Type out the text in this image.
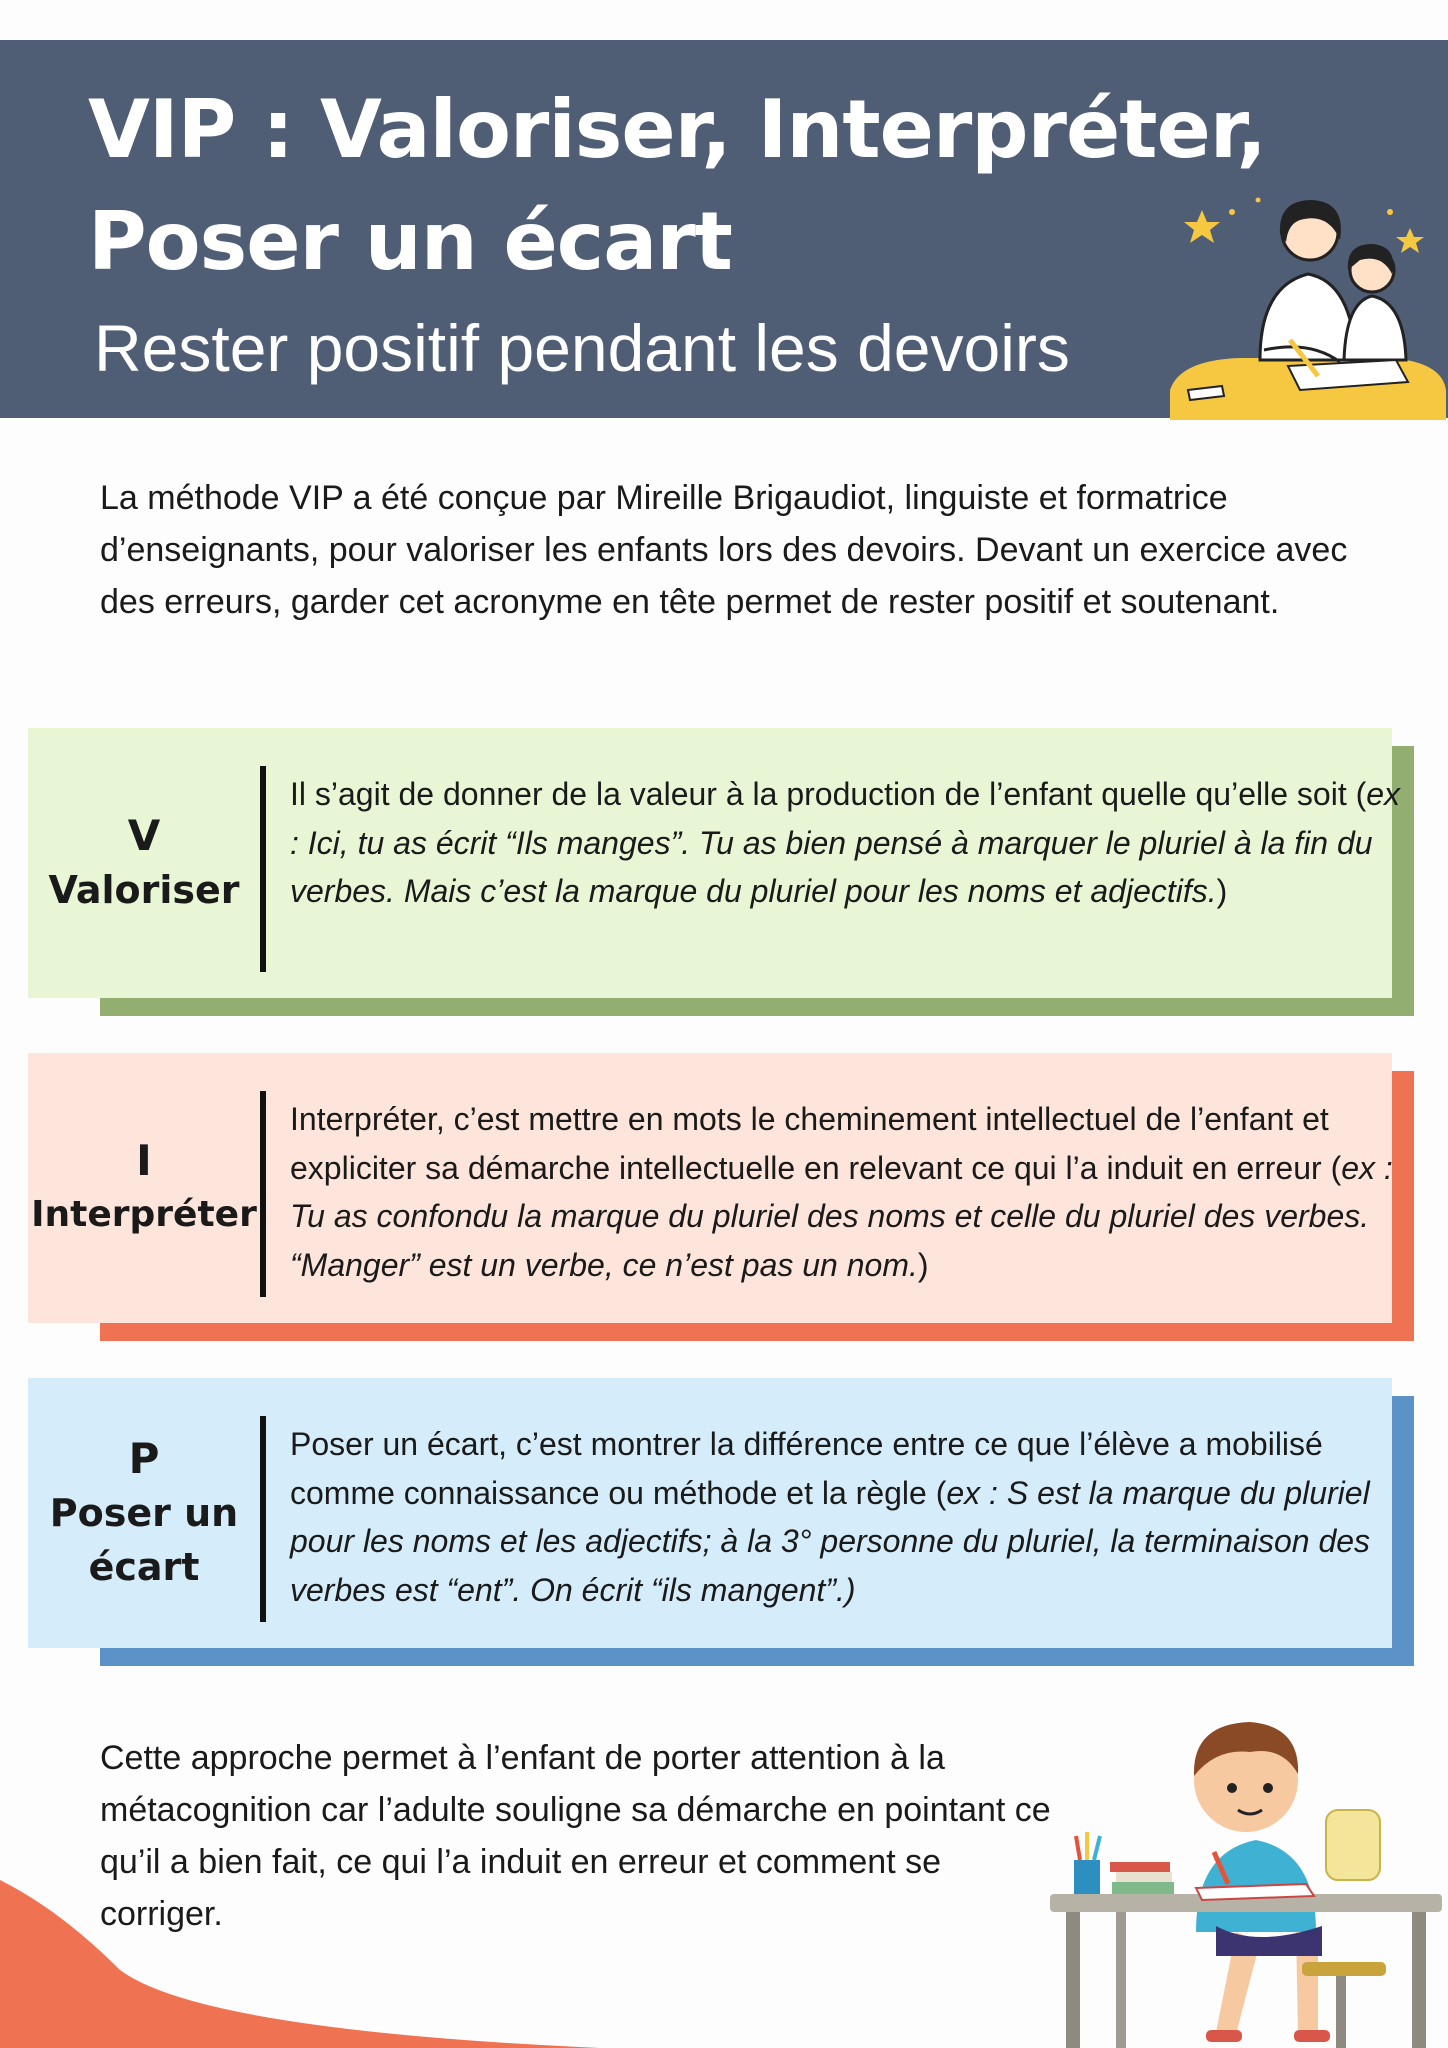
VIP : Valoriser, Interpréter,
Poser un écart

Rester positif pendant les devoirs

La méthode VIP a été conçue par Mireille Brigaudiot, linguiste et formatrice d’enseignants, pour valoriser les enfants lors des devoirs. Devant un exercice avec des erreurs, garder cet acronyme en tête permet de rester positif et soutenant.

V
Valoriser

Il s’agit de donner de la valeur à la production de l’enfant quelle qu’elle soit (ex : Ici, tu as écrit “Ils manges”. Tu as bien pensé à marquer le pluriel à la fin du verbes. Mais c’est la marque du pluriel pour les noms et adjectifs.)

I
Interpréter

Interpréter, c’est mettre en mots le cheminement intellectuel de l’enfant et expliciter sa démarche intellectuelle en relevant ce qui l’a induit en erreur (ex : Tu as confondu la marque du pluriel des noms et celle du pluriel des verbes. “Manger” est un verbe, ce n’est pas un nom.)

P
Poser un écart

Poser un écart, c’est montrer la différence entre ce que l’élève a mobilisé comme connaissance ou méthode et la règle (ex : S est la marque du pluriel pour les noms et les adjectifs; à la 3° personne du pluriel, la terminaison des verbes est “ent”. On écrit “ils mangent”.)

Cette approche permet à l’enfant de porter attention à la métacognition car l’adulte souligne sa démarche en pointant ce qu’il a bien fait, ce qui l’a induit en erreur et comment se corriger.
